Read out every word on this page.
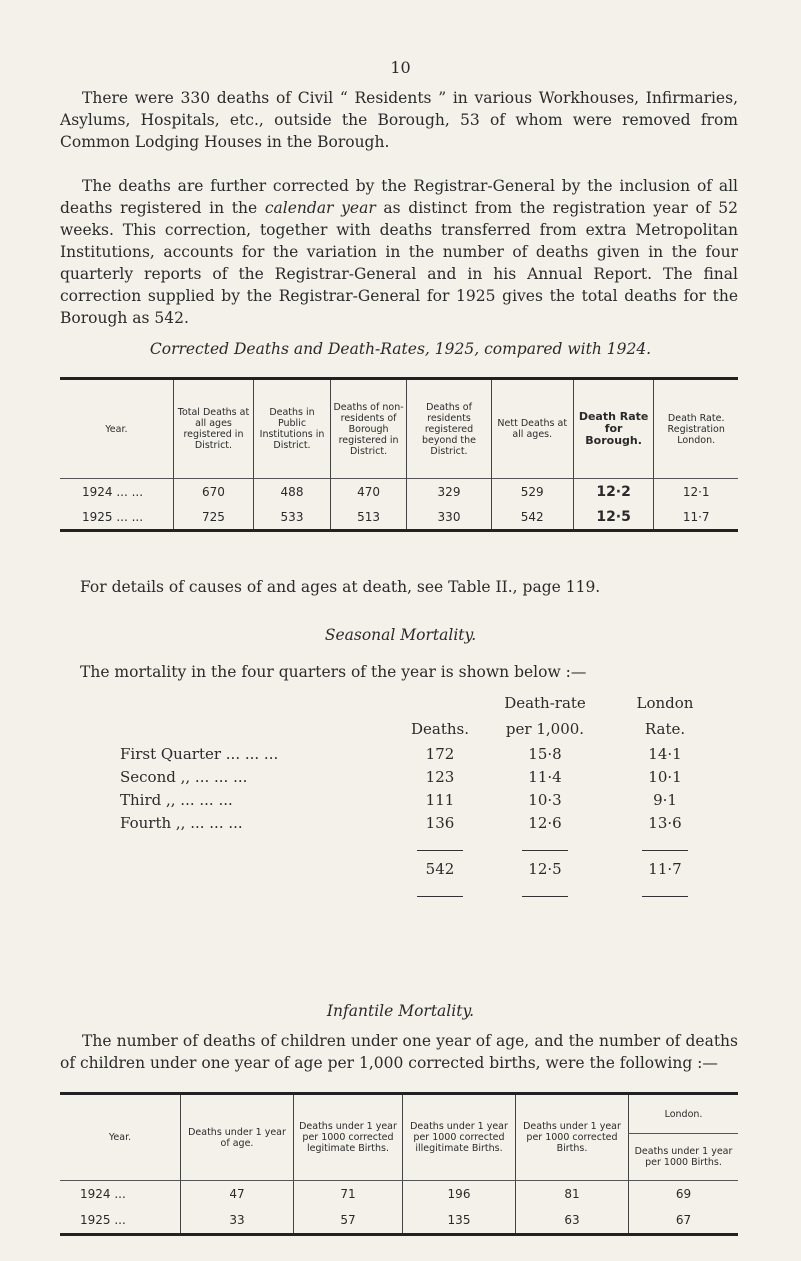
10
There were 330 deaths of Civil “ Residents ” in various Workhouses, Infirmaries, Asylums, Hospitals, etc., outside the Borough, 53 of whom were removed from Common Lodging Houses in the Borough.
The deaths are further corrected by the Registrar-General by the inclusion of all deaths registered in the calendar year as distinct from the registration year of 52 weeks. This correction, together with deaths transferred from extra Metropolitan Institutions, accounts for the variation in the number of deaths given in the four quarterly reports of the Registrar-General and in his Annual Report. The final correction supplied by the Registrar-General for 1925 gives the total deaths for the Borough as 542.
Corrected Deaths and Death-Rates, 1925, compared with 1924.
Year.	Total Deaths at all ages registered in District.	Deaths in Public Institutions in District.	Deaths of non-residents of Borough registered in District.	Deaths of residents registered beyond the District.	Nett Deaths at all ages.	Death Rate for Borough.	Death Rate. Registration London.
1924 ... ...	670	488	470	329	529	12·2	12·1
1925 ... ...	725	533	513	330	542	12·5	11·7
For details of causes of and ages at death, see Table II., page 119.
Seasonal Mortality.
The mortality in the four quarters of the year is shown below :—
		Death-rate	London
	Deaths.	per 1,000.	Rate.
First Quarter ... ... ...	172	15·8	14·1
Second ,, ... ... ...	123	11·4	10·1
Third ,, ... ... ...	111	10·3	9·1
Fourth ,, ... ... ...	136	12·6	13·6

	542	12·5	11·7

Infantile Mortality.
The number of deaths of children under one year of age, and the number of deaths of children under one year of age per 1,000 corrected births, were the following :—
Year.	Deaths under 1 year of age.	Deaths under 1 year per 1000 corrected legitimate Births.	Deaths under 1 year per 1000 corrected illegitimate Births.	Deaths under 1 year per 1000 corrected Births.	London.
					Deaths under 1 year per 1000 Births.

1924 ...	47	71	196	81	69
1925 ...	33	57	135	63	67
